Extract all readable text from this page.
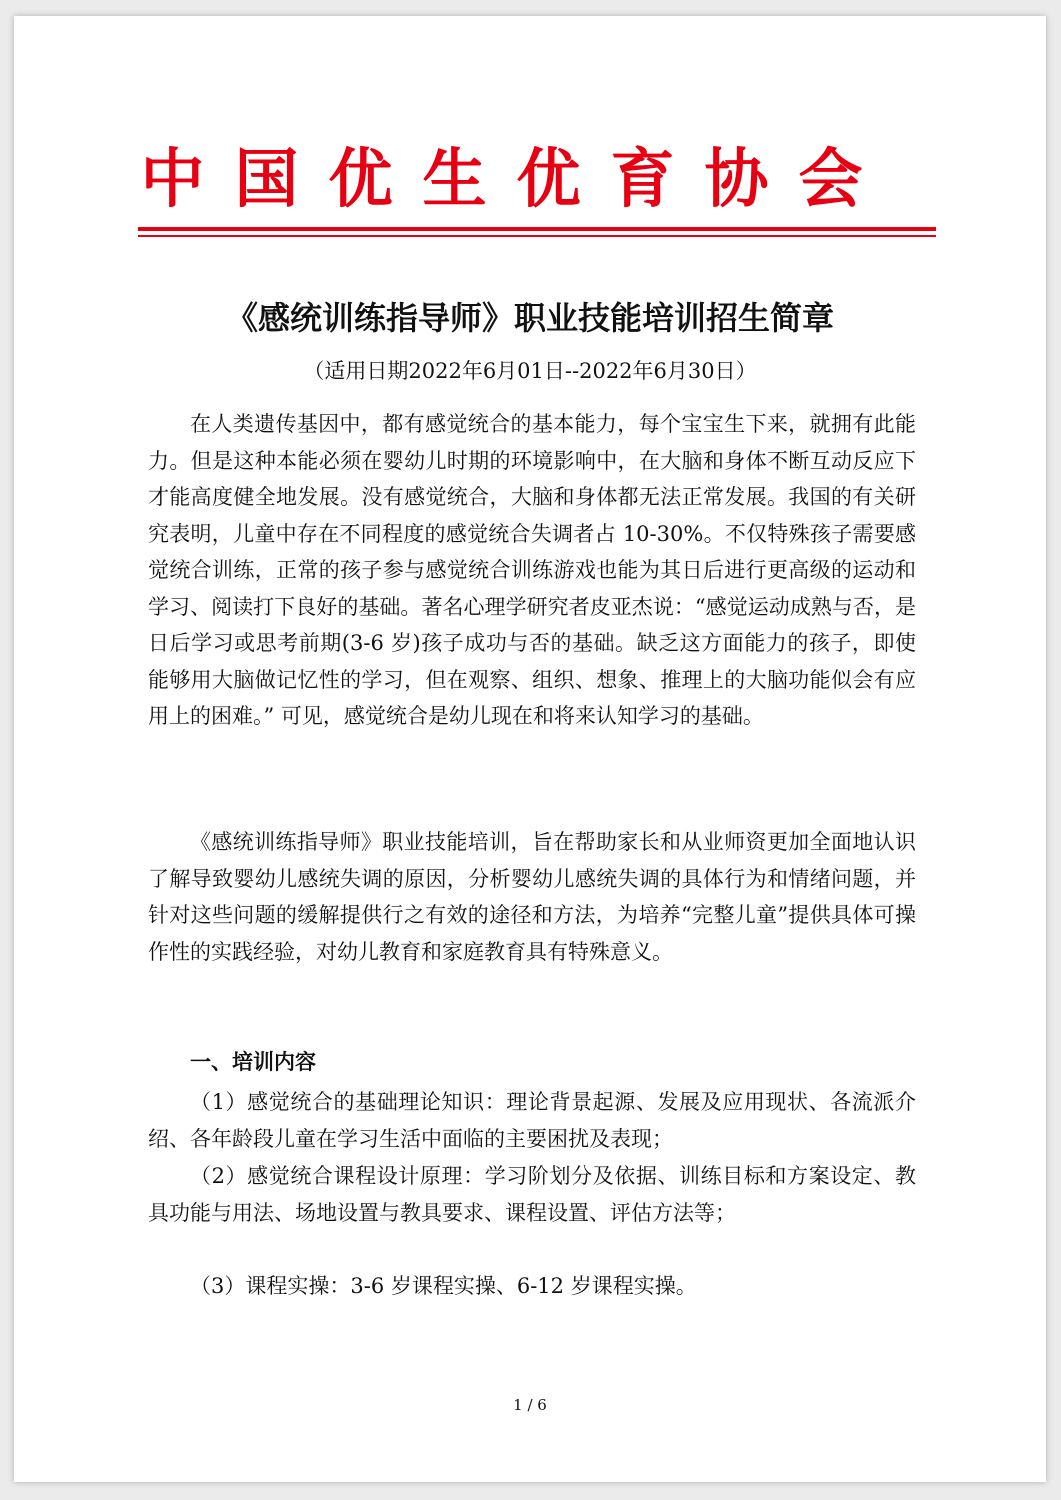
《感统训练指导师》职业技能培训招生简章
（适用日期2022年6月01日--2022年6月30日）

在人类遗传基因中，都有感觉统合的基本能力，每个宝宝生下来，就拥有此能力。但是这种本能必须在婴幼儿时期的环境影响中，在大脑和身体不断互动反应下才能高度健全地发展。没有感觉统合，大脑和身体都无法正常发展。我国的有关研究表明，儿童中存在不同程度的感觉统合失调者占 10-30%。不仅特殊孩子需要感觉统合训练，正常的孩子参与感觉统合训练游戏也能为其日后进行更高级的运动和学习、阅读打下良好的基础。著名心理学研究者皮亚杰说：“感觉运动成熟与否，是日后学习或思考前期(3-6 岁)孩子成功与否的基础。缺乏这方面能力的孩子，即使能够用大脑做记忆性的学习，但在观察、组织、想象、推理上的大脑功能似会有应用上的困难。” 可见，感觉统合是幼儿现在和将来认知学习的基础。

《感统训练指导师》职业技能培训，旨在帮助家长和从业师资更加全面地认识了解导致婴幼儿感统失调的原因，分析婴幼儿感统失调的具体行为和情绪问题，并针对这些问题的缓解提供行之有效的途径和方法，为培养“完整儿童”提供具体可操作性的实践经验，对幼儿教育和家庭教育具有特殊意义。

一、培训内容

（1）感觉统合的基础理论知识：理论背景起源、发展及应用现状、各流派介绍、各年龄段儿童在学习生活中面临的主要困扰及表现；

（2）感觉统合课程设计原理：学习阶划分及依据、训练目标和方案设定、教具功能与用法、场地设置与教具要求、课程设置、评估方法等；

（3）课程实操：3-6 岁课程实操、6-12 岁课程实操。

1 / 6
中国优生优育协会
